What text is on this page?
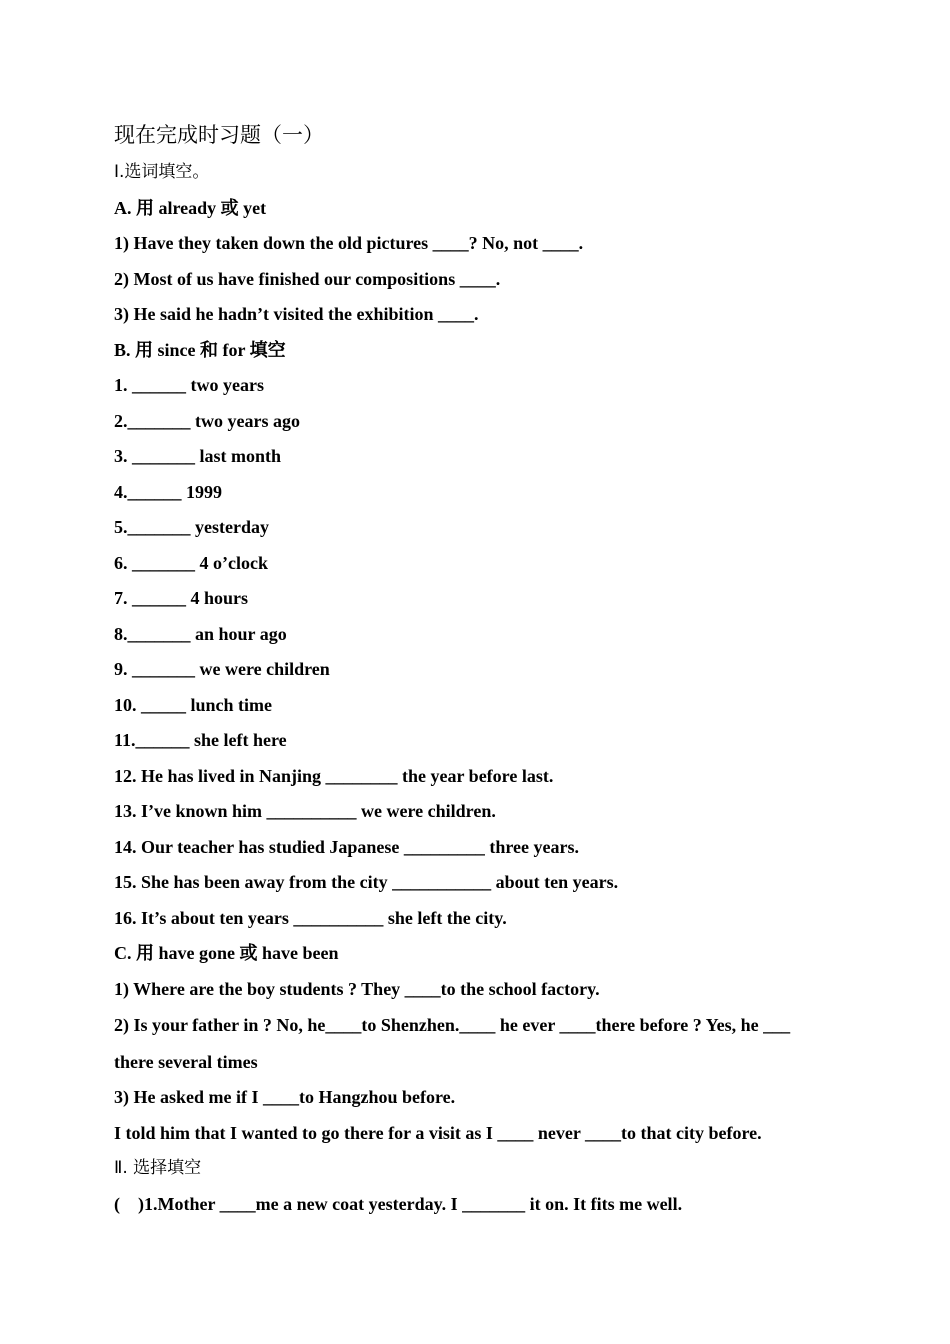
现在完成时习题（一）
Ⅰ.选词填空。
A. 用 already 或 yet
1) Have they taken down the old pictures ____? No, not ____.
2) Most of us have finished our compositions ____.
3) He said he hadn’t visited the exhibition ____.
B. 用 since 和 for 填空
1. ______ two years
2._______ two years ago
3. _______ last month
4.______ 1999
5._______ yesterday
6. _______ 4 o’clock
7. ______ 4 hours
8._______ an hour ago
9. _______ we were children
10. _____ lunch time
11.______ she left here
12. He has lived in Nanjing ________ the year before last.
13. I’ve known him __________ we were children.
14. Our teacher has studied Japanese _________ three years.
15. She has been away from the city ___________ about ten years.
16. It’s about ten years __________ she left the city.
C. 用 have gone 或 have been
1) Where are the boy students ? They ____to the school factory.
2) Is your father in ? No, he____to Shenzhen.____ he ever ____there before ? Yes, he ___
there several times
3) He asked me if I ____to Hangzhou before.
I told him that I wanted to go there for a visit as I ____ never ____to that city before.
Ⅱ. 选择填空
(    )1.Mother ____me a new coat yesterday. I _______ it on. It fits me well.
